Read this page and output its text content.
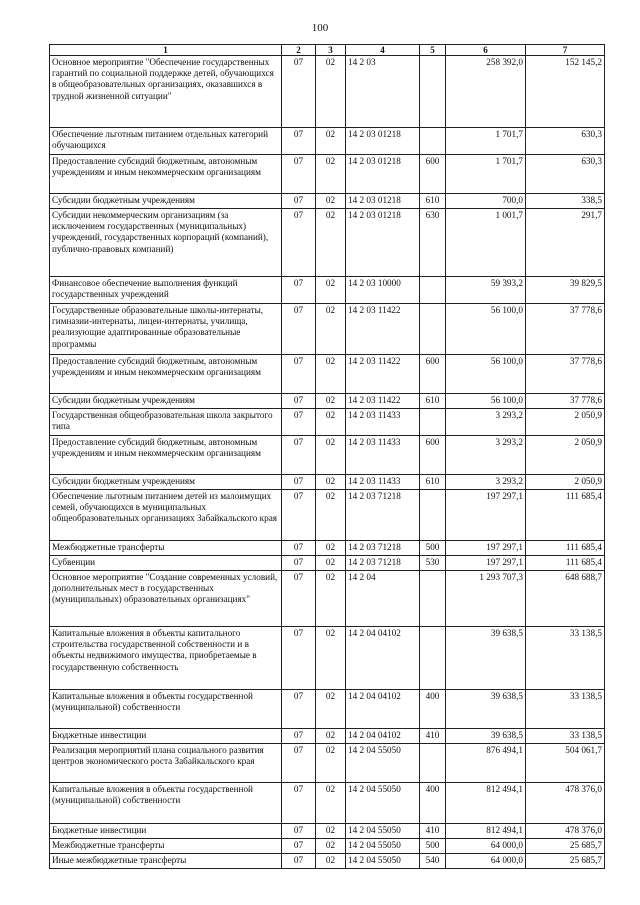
100
1	2	3	4	5	6	7
Основное мероприятие "Обеспечение государственных гарантий по социальной поддержке детей, обучающихся в общеобразовательных организациях, оказавшихся в трудной жизненной ситуации"	07	02	14 2 03		258 392,0	152 145,2
Обеспечение льготным питанием отдельных категорий обучающихся	07	02	14 2 03 01218		1 701,7	630,3
Предоставление субсидий бюджетным, автономным учреждениям и иным некоммерческим организациям	07	02	14 2 03 01218	600	1 701,7	630,3
Субсидии бюджетным учреждениям	07	02	14 2 03 01218	610	700,0	338,5
Субсидии некоммерческим организациям (за исключением государственных (муниципальных) учреждений, государственных корпораций (компаний), публично-правовых компаний)	07	02	14 2 03 01218	630	1 001,7	291,7
Финансовое обеспечение выполнения функций государственных учреждений	07	02	14 2 03 10000		59 393,2	39 829,5
Государственные образовательные школы-интернаты, гимназии-интернаты, лицеи-интернаты, училища, реализующие адаптированные образовательные программы	07	02	14 2 03 11422		56 100,0	37 778,6
Предоставление субсидий бюджетным, автономным учреждениям и иным некоммерческим организациям	07	02	14 2 03 11422	600	56 100,0	37 778,6
Субсидии бюджетным учреждениям	07	02	14 2 03 11422	610	56 100,0	37 778,6
Государственная общеобразовательная школа закрытого типа	07	02	14 2 03 11433		3 293,2	2 050,9
Предоставление субсидий бюджетным, автономным учреждениям и иным некоммерческим организациям	07	02	14 2 03 11433	600	3 293,2	2 050,9
Субсидии бюджетным учреждениям	07	02	14 2 03 11433	610	3 293,2	2 050,9
Обеспечение льготным питанием детей из малоимущих семей, обучающихся в муниципальных общеобразовательных организациях Забайкальского края	07	02	14 2 03 71218		197 297,1	111 685,4
Межбюджетные трансферты	07	02	14 2 03 71218	500	197 297,1	111 685,4
Субвенции	07	02	14 2 03 71218	530	197 297,1	111 685,4
Основное мероприятие "Создание современных условий, дополнительных мест в государственных (муниципальных) образовательных организациях"	07	02	14 2 04		1 293 707,3	648 688,7
Капитальные вложения в объекты капитального строительства государственной собственности и в объекты недвижимого имущества, приобретаемые в государственную собственность	07	02	14 2 04 04102		39 638,5	33 138,5
Капитальные вложения в объекты государственной (муниципальной) собственности	07	02	14 2 04 04102	400	39 638,5	33 138,5
Бюджетные инвестиции	07	02	14 2 04 04102	410	39 638,5	33 138,5
Реализация мероприятий плана социального развития центров экономического роста Забайкальского края	07	02	14 2 04 55050		876 494,1	504 061,7
Капитальные вложения в объекты государственной (муниципальной) собственности	07	02	14 2 04 55050	400	812 494,1	478 376,0
Бюджетные инвестиции	07	02	14 2 04 55050	410	812 494,1	478 376,0
Межбюджетные трансферты	07	02	14 2 04 55050	500	64 000,0	25 685,7
Иные межбюджетные трансферты	07	02	14 2 04 55050	540	64 000,0	25 685,7
